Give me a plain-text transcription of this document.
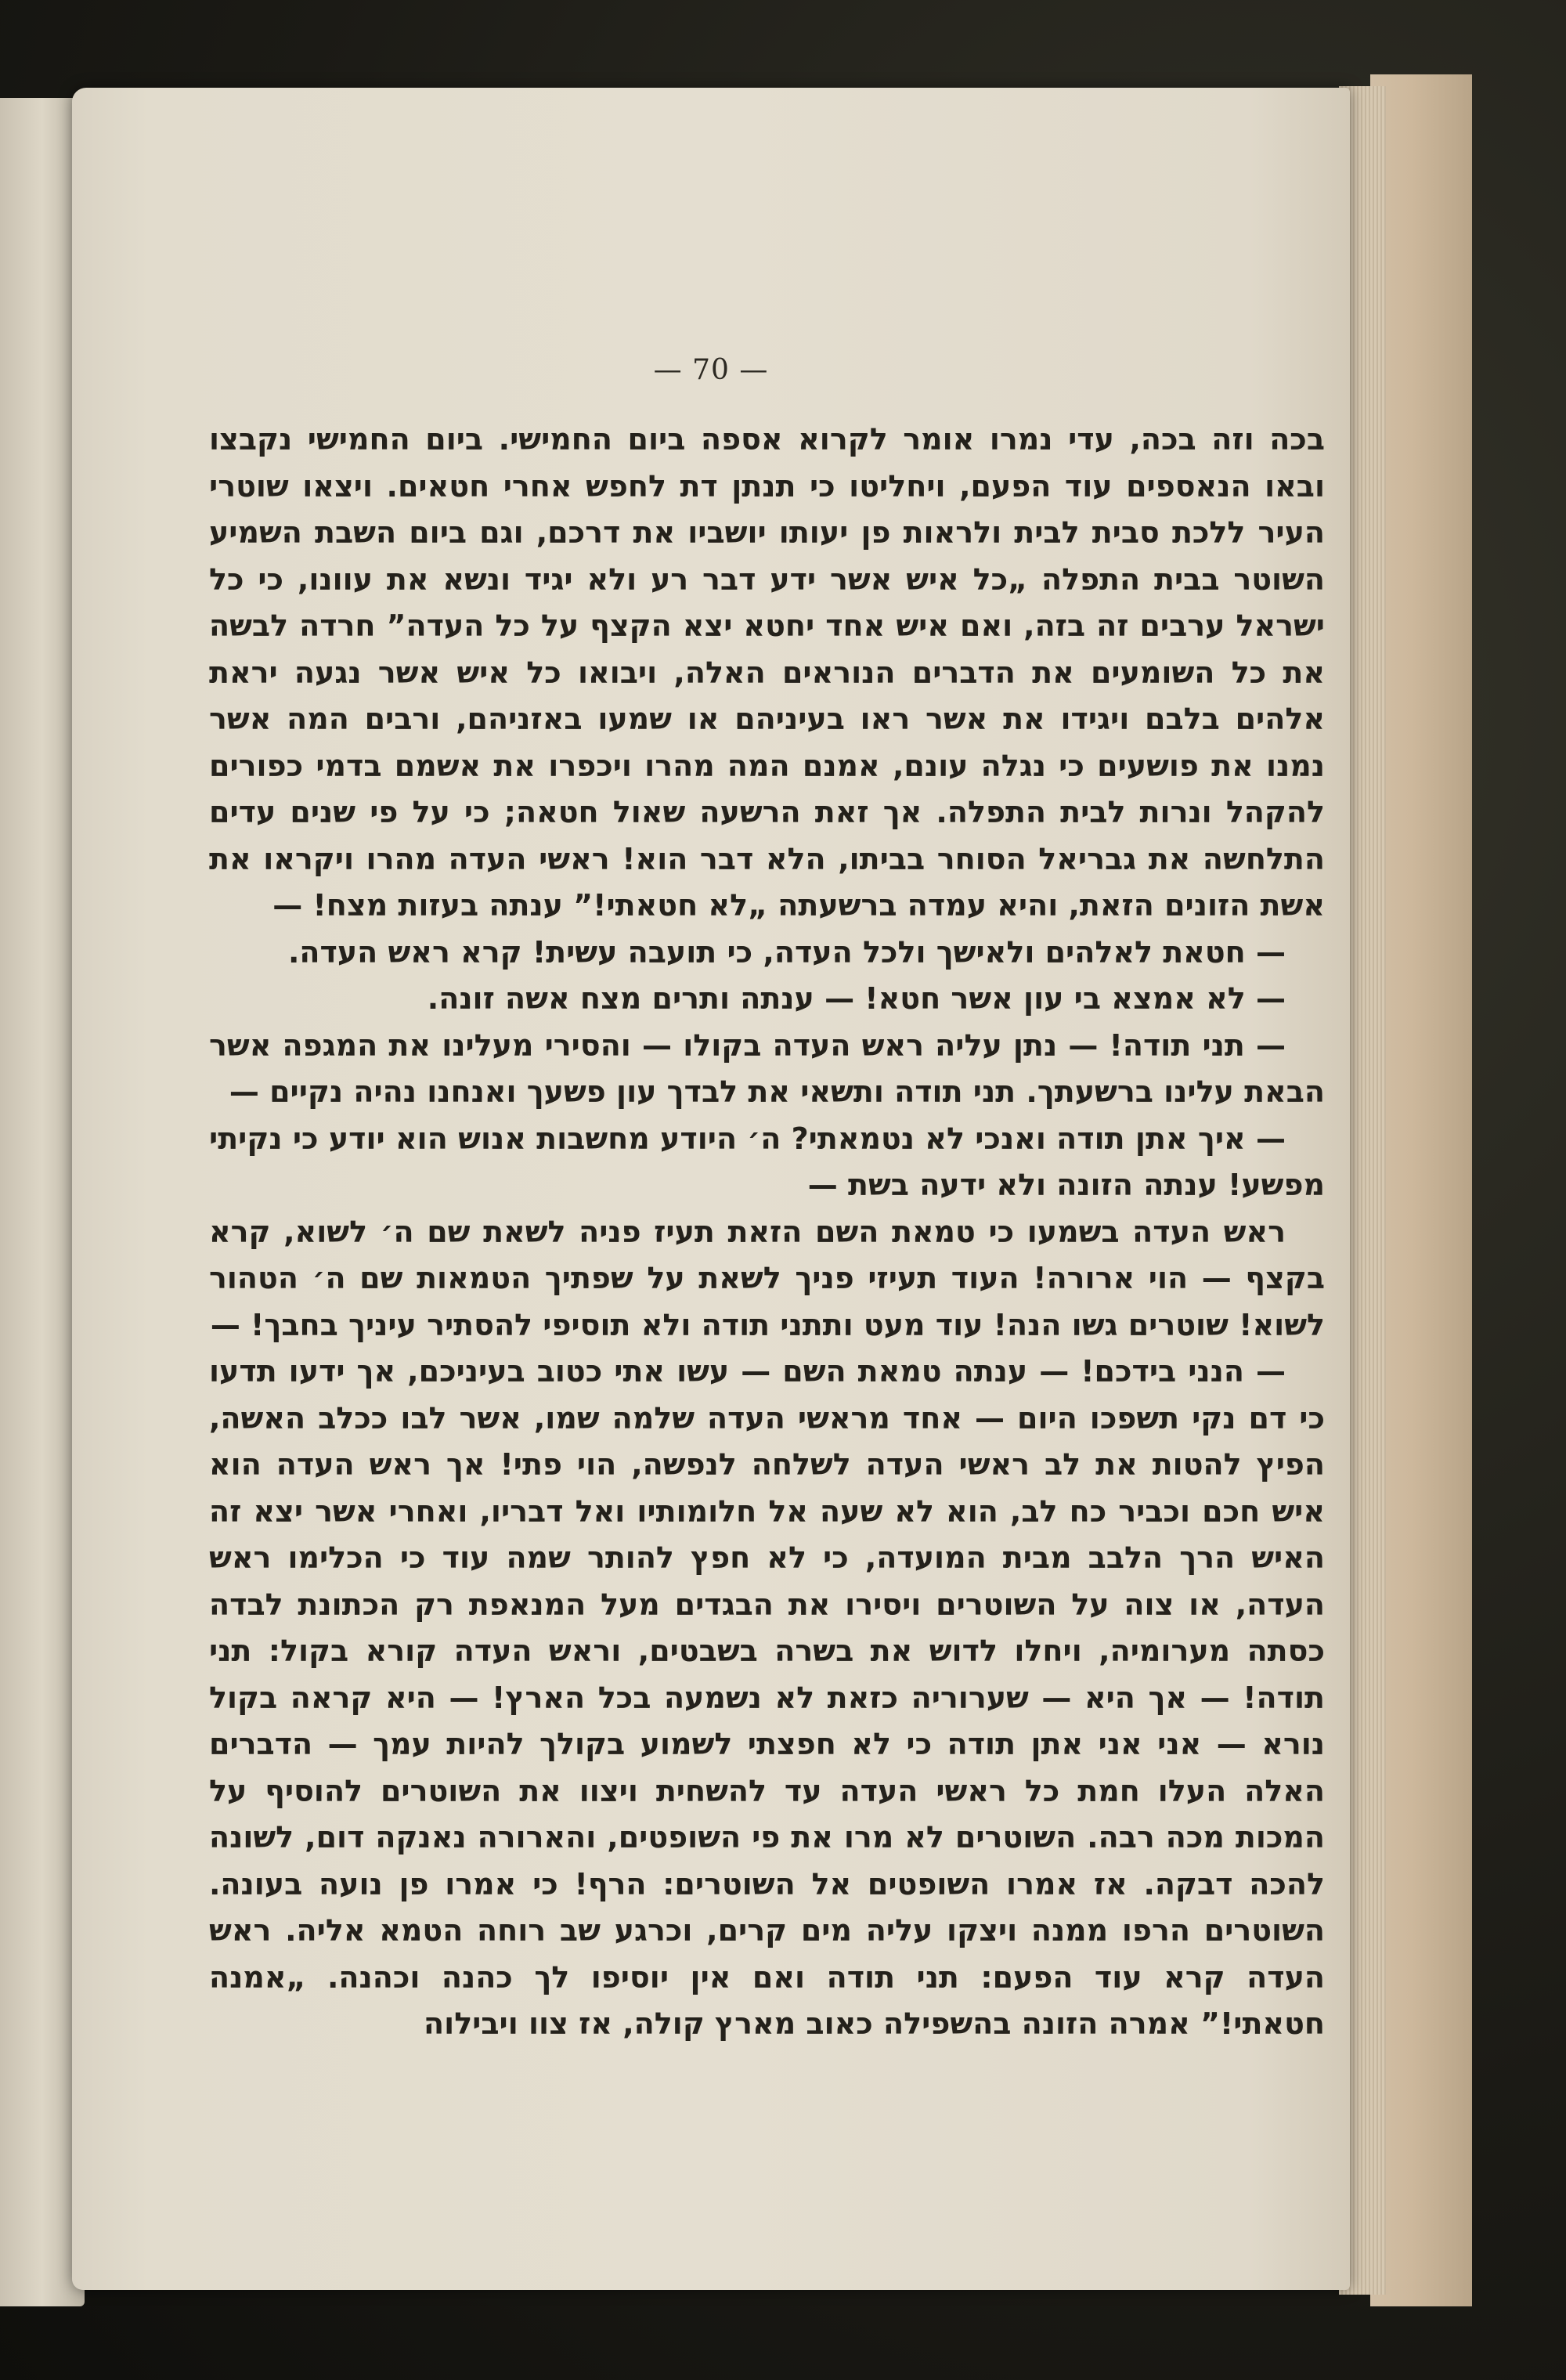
— 70 —

בכה וזה בכה, עדי נמרו אומר לקרוא אספה ביום החמישי. ביום החמישי נקבצו ובאו הנאספים עוד הפעם, ויחליטו כי תנתן דת לחפש אחרי חטאים. ויצאו שוטרי העיר ללכת סבית לבית ולראות פן יעותו יושביו את דרכם, וגם ביום השבת השמיע השוטר בבית התפלה „כל איש אשר ידע דבר רע ולא יגיד ונשא את עוונו, כי כל ישראל ערבים זה בזה, ואם איש אחד יחטא יצא הקצף על כל העדה” חרדה לבשה את כל השומעים את הדברים הנוראים האלה, ויבואו כל איש אשר נגעה יראת אלהים בלבם ויגידו את אשר ראו בעיניהם או שמעו באזניהם, ורבים המה אשר נמנו את פושעים כי נגלה עונם, אמנם המה מהרו ויכפרו את אשמם בדמי כפורים להקהל ונרות לבית התפלה. אך זאת הרשעה שאול חטאה; כי על פי שנים עדים התלחשה את גבריאל הסוחר בביתו, הלא דבר הוא! ראשי העדה מהרו ויקראו את אשת הזונים הזאת, והיא עמדה ברשעתה „לא חטאתי!” ענתה בעזות מצח! —

— חטאת לאלהים ולאישך ולכל העדה, כי תועבה עשית! קרא ראש העדה.

— לא אמצא בי עון אשר חטא! — ענתה ותרים מצח אשה זונה.

— תני תודה! — נתן עליה ראש העדה בקולו — והסירי מעלינו את המגפה אשר הבאת עלינו ברשעתך. תני תודה ותשאי את לבדך עון פשעך ואנחנו נהיה נקיים —

— איך אתן תודה ואנכי לא נטמאתי? ה׳ היודע מחשבות אנוש הוא יודע כי נקיתי מפשע! ענתה הזונה ולא ידעה בשת —

ראש העדה בשמעו כי טמאת השם הזאת תעיז פניה לשאת שם ה׳ לשוא, קרא בקצף — הוי ארורה! העוד תעיזי פניך לשאת על שפתיך הטמאות שם ה׳ הטהור לשוא! שוטרים גשו הנה! עוד מעט ותתני תודה ולא תוסיפי להסתיר עיניך בחבך! —

— הנני בידכם! — ענתה טמאת השם — עשו אתי כטוב בעיניכם, אך ידעו תדעו כי דם נקי תשפכו היום — אחד מראשי העדה שלמה שמו, אשר לבו ככלב האשה, הפיץ להטות את לב ראשי העדה לשלחה לנפשה, הוי פתי! אך ראש העדה הוא איש חכם וכביר כח לב, הוא לא שעה אל חלומותיו ואל דבריו, ואחרי אשר יצא זה האיש הרך הלבב מבית המועדה, כי לא חפץ להותר שמה עוד כי הכלימו ראש העדה, או צוה על השוטרים ויסירו את הבגדים מעל המנאפת רק הכתונת לבדה כסתה מערומיה, ויחלו לדוש את בשרה בשבטים, וראש העדה קורא בקול: תני תודה! — אך היא — שערוריה כזאת לא נשמעה בכל הארץ! — היא קראה בקול נורא — אני אני אתן תודה כי לא חפצתי לשמוע בקולך להיות עמך — הדברים האלה העלו חמת כל ראשי העדה עד להשחית ויצוו את השוטרים להוסיף על המכות מכה רבה. השוטרים לא מרו את פי השופטים, והארורה נאנקה דום, לשונה להכה דבקה. אז אמרו השופטים אל השוטרים: הרף! כי אמרו פן נועה בעונה. השוטרים הרפו ממנה ויצקו עליה מים קרים, וכרגע שב רוחה הטמא אליה. ראש העדה קרא עוד הפעם: תני תודה ואם אין יוסיפו לך כהנה וכהנה. „אמנה חטאתי!” אמרה הזונה בהשפילה כאוב מארץ קולה, אז צוו ויבילוה
